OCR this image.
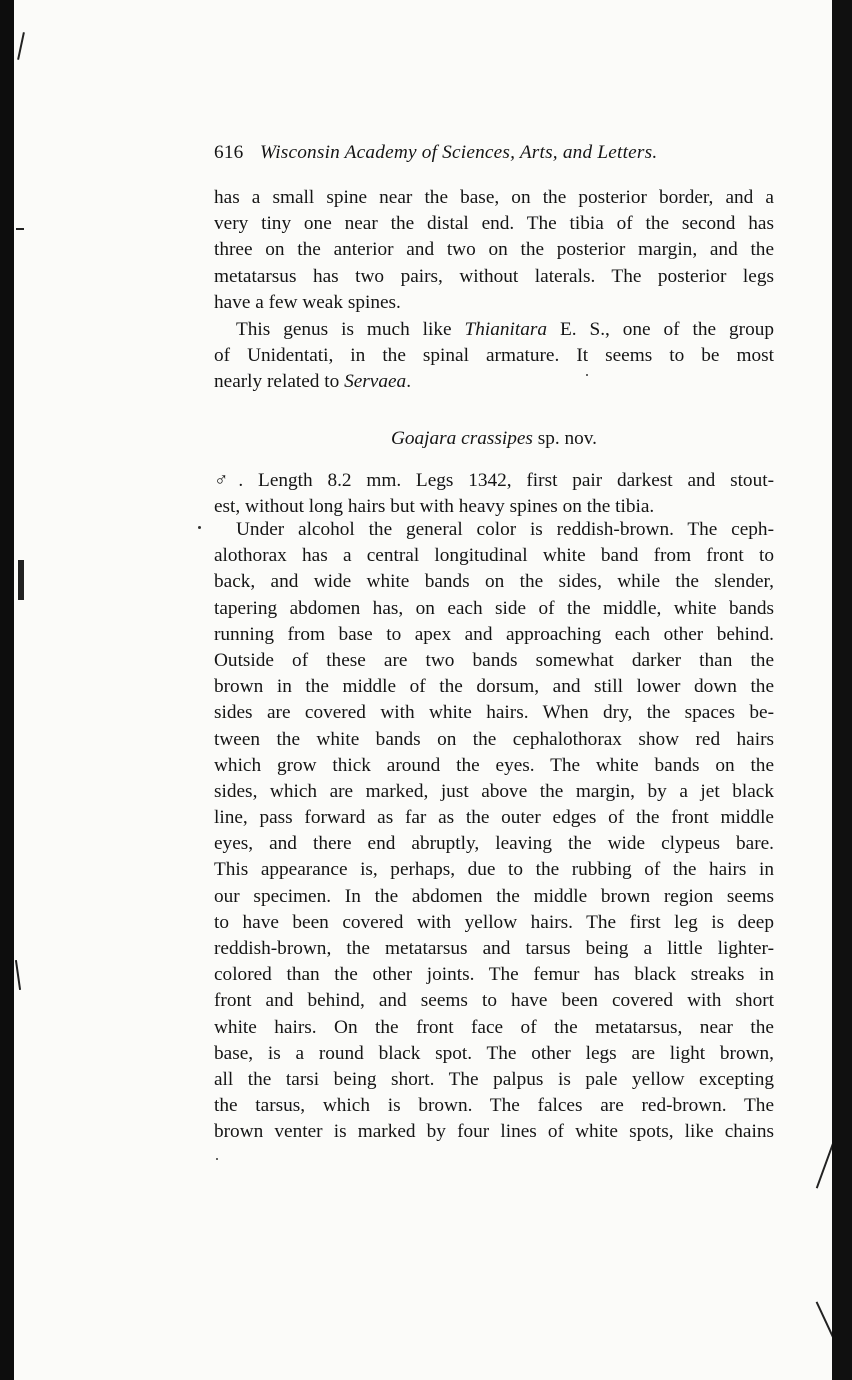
616 Wisconsin Academy of Sciences, Arts, and Letters.
has a small spine near the base, on the posterior border, and a
very tiny one near the distal end. The tibia of the second has
three on the anterior and two on the posterior margin, and the
metatarsus has two pairs, without laterals. The posterior legs
have a few weak spines.
This genus is much like Thianitara E. S., one of the group
of Unidentati, in the spinal armature. It seems to be most
nearly related to Servaea.
Goajara crassipes sp. nov.
♂. Length 8.2 mm. Legs 1342, first pair darkest and stout-
est, without long hairs but with heavy spines on the tibia.
Under alcohol the general color is reddish-brown. The ceph-
alothorax has a central longitudinal white band from front to
back, and wide white bands on the sides, while the slender,
tapering abdomen has, on each side of the middle, white bands
running from base to apex and approaching each other behind.
Outside of these are two bands somewhat darker than the
brown in the middle of the dorsum, and still lower down the
sides are covered with white hairs. When dry, the spaces be-
tween the white bands on the cephalothorax show red hairs
which grow thick around the eyes. The white bands on the
sides, which are marked, just above the margin, by a jet black
line, pass forward as far as the outer edges of the front middle
eyes, and there end abruptly, leaving the wide clypeus bare.
This appearance is, perhaps, due to the rubbing of the hairs in
our specimen. In the abdomen the middle brown region seems
to have been covered with yellow hairs. The first leg is deep
reddish-brown, the metatarsus and tarsus being a little lighter-
colored than the other joints. The femur has black streaks in
front and behind, and seems to have been covered with short
white hairs. On the front face of the metatarsus, near the
base, is a round black spot. The other legs are light brown,
all the tarsi being short. The palpus is pale yellow excepting
the tarsus, which is brown. The falces are red-brown. The
brown venter is marked by four lines of white spots, like chains
